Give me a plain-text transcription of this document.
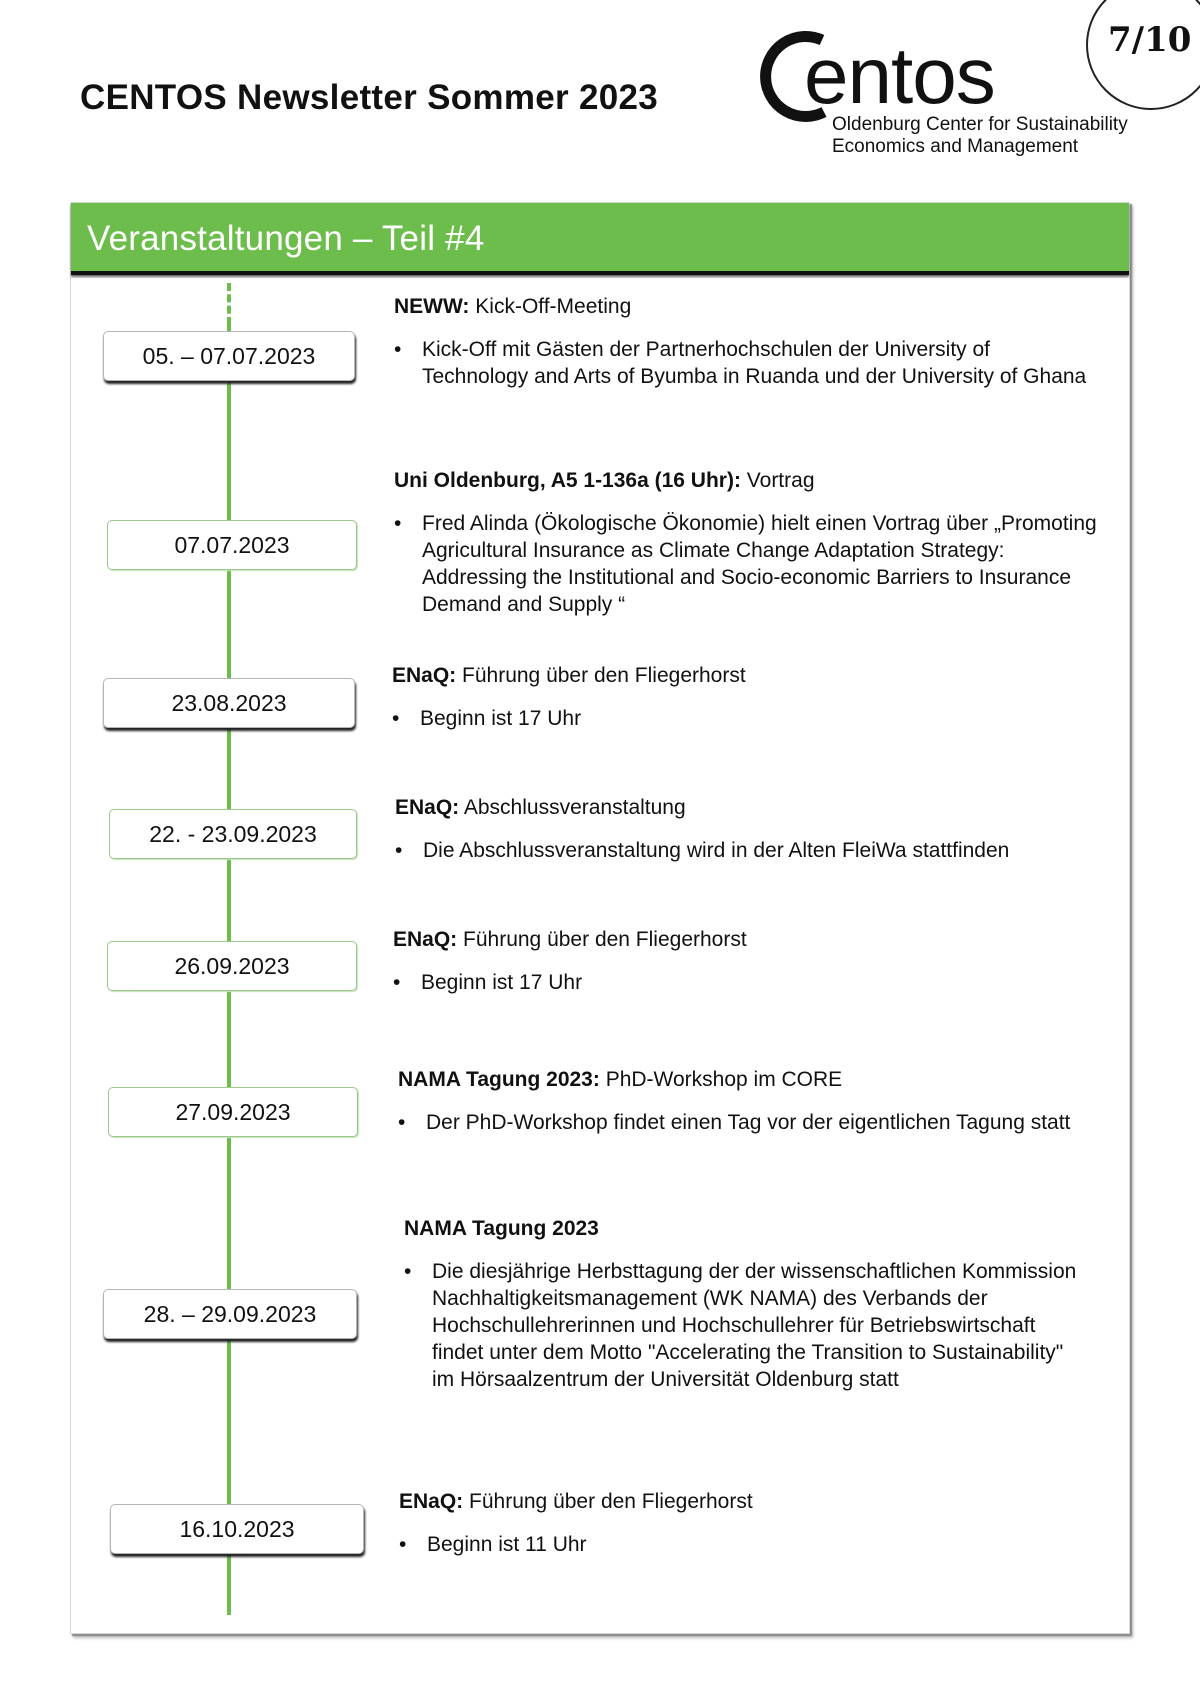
CENTOS Newsletter Sommer 2023 entos
Oldenburg Center for Sustainability
Economics and Management
7/10
Veranstaltungen – Teil #4
05. – 07.07.2023
NEWW: Kick-Off-Meeting
• Kick-Off mit Gästen der Partnerhochschulen der University of Technology and Arts of Byumba in Ruanda und der University of Ghana
07.07.2023
Uni Oldenburg, A5 1-136a (16 Uhr): Vortrag
• Fred Alinda (Ökologische Ökonomie) hielt einen Vortrag über „Promoting Agricultural Insurance as Climate Change Adaptation Strategy: Addressing the Institutional and Socio-economic Barriers to Insurance Demand and Supply “
23.08.2023
ENaQ: Führung über den Fliegerhorst
• Beginn ist 17 Uhr
22. - 23.09.2023
ENaQ: Abschlussveranstaltung
• Die Abschlussveranstaltung wird in der Alten FleiWa stattfinden
26.09.2023
ENaQ: Führung über den Fliegerhorst
• Beginn ist 17 Uhr
27.09.2023
NAMA Tagung 2023: PhD-Workshop im CORE
• Der PhD-Workshop findet einen Tag vor der eigentlichen Tagung statt
28. – 29.09.2023
NAMA Tagung 2023
• Die diesjährige Herbsttagung der der wissenschaftlichen Kommission Nachhaltigkeitsmanagement (WK NAMA) des Verbands der Hochschullehrerinnen und Hochschullehrer für Betriebswirtschaft findet unter dem Motto "Accelerating the Transition to Sustainability" im Hörsaalzentrum der Universität Oldenburg statt
16.10.2023
ENaQ: Führung über den Fliegerhorst
• Beginn ist 11 Uhr
